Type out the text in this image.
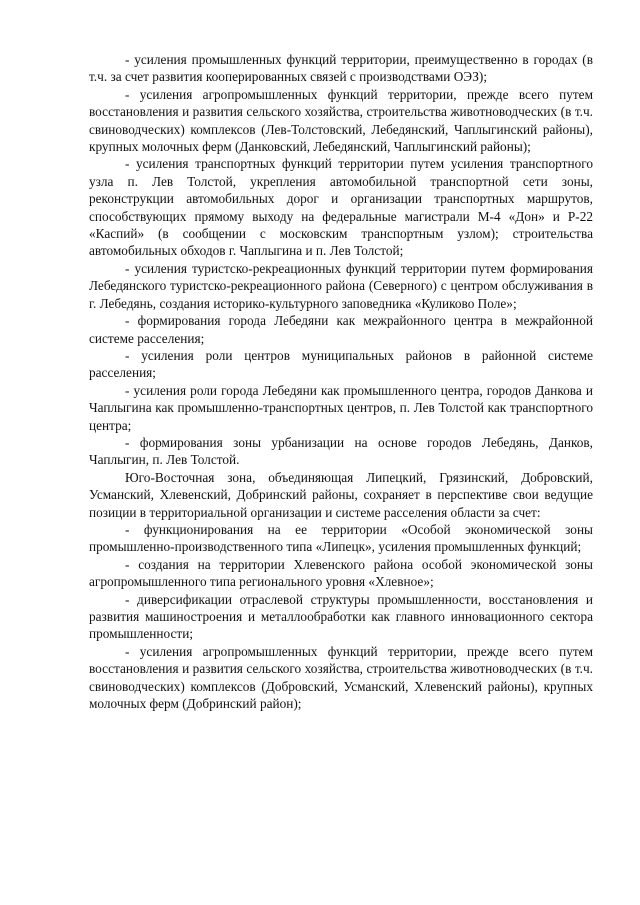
- усиления промышленных функций территории, преимущественно в городах (в т.ч. за счет развития кооперированных связей с производствами ОЭЗ);

- усиления агропромышленных функций территории, прежде всего путем восстановления и развития сельского хозяйства, строительства животноводческих (в т.ч. свиноводческих) комплексов (Лев-Толстовский, Лебедянский, Чаплыгинский районы), крупных молочных ферм (Данковский, Лебедянский, Чаплыгинский районы);

- усиления транспортных функций территории путем усиления транспортного узла п. Лев Толстой, укрепления автомобильной транспортной сети зоны, реконструкции автомобильных дорог и организации транспортных маршрутов, способствующих прямому выходу на федеральные магистрали М-4 «Дон» и Р-22 «Каспий» (в сообщении с московским транспортным узлом); строительства автомобильных обходов г. Чаплыгина и п. Лев Толстой;

- усиления туристско-рекреационных функций территории путем формирования Лебедянского туристско-рекреационного района (Северного) с центром обслуживания в г. Лебедянь, создания историко-культурного заповедника «Куликово Поле»;

- формирования города Лебедяни как межрайонного центра в межрайонной системе расселения;

- усиления роли центров муниципальных районов в районной системе расселения;

- усиления роли города Лебедяни как промышленного центра, городов Данкова и Чаплыгина как промышленно-транспортных центров, п. Лев Толстой как транспортного центра;

- формирования зоны урбанизации на основе городов Лебедянь, Данков, Чаплыгин, п. Лев Толстой.

Юго-Восточная зона, объединяющая Липецкий, Грязинский, Добровский, Усманский, Хлевенский, Добринский районы, сохраняет в перспективе свои ведущие позиции в территориальной организации и системе расселения области за счет:

- функционирования на ее территории «Особой экономической зоны промышленно-производственного типа «Липецк», усиления промышленных функций;

- создания на территории Хлевенского района особой экономической зоны агропромышленного типа регионального уровня «Хлевное»;

- диверсификации отраслевой структуры промышленности, восстановления и развития машиностроения и металлообработки как главного инновационного сектора промышленности;

- усиления агропромышленных функций территории, прежде всего путем восстановления и развития сельского хозяйства, строительства животноводческих (в т.ч. свиноводческих) комплексов (Добровский, Усманский, Хлевенский районы), крупных молочных ферм (Добринский район);
